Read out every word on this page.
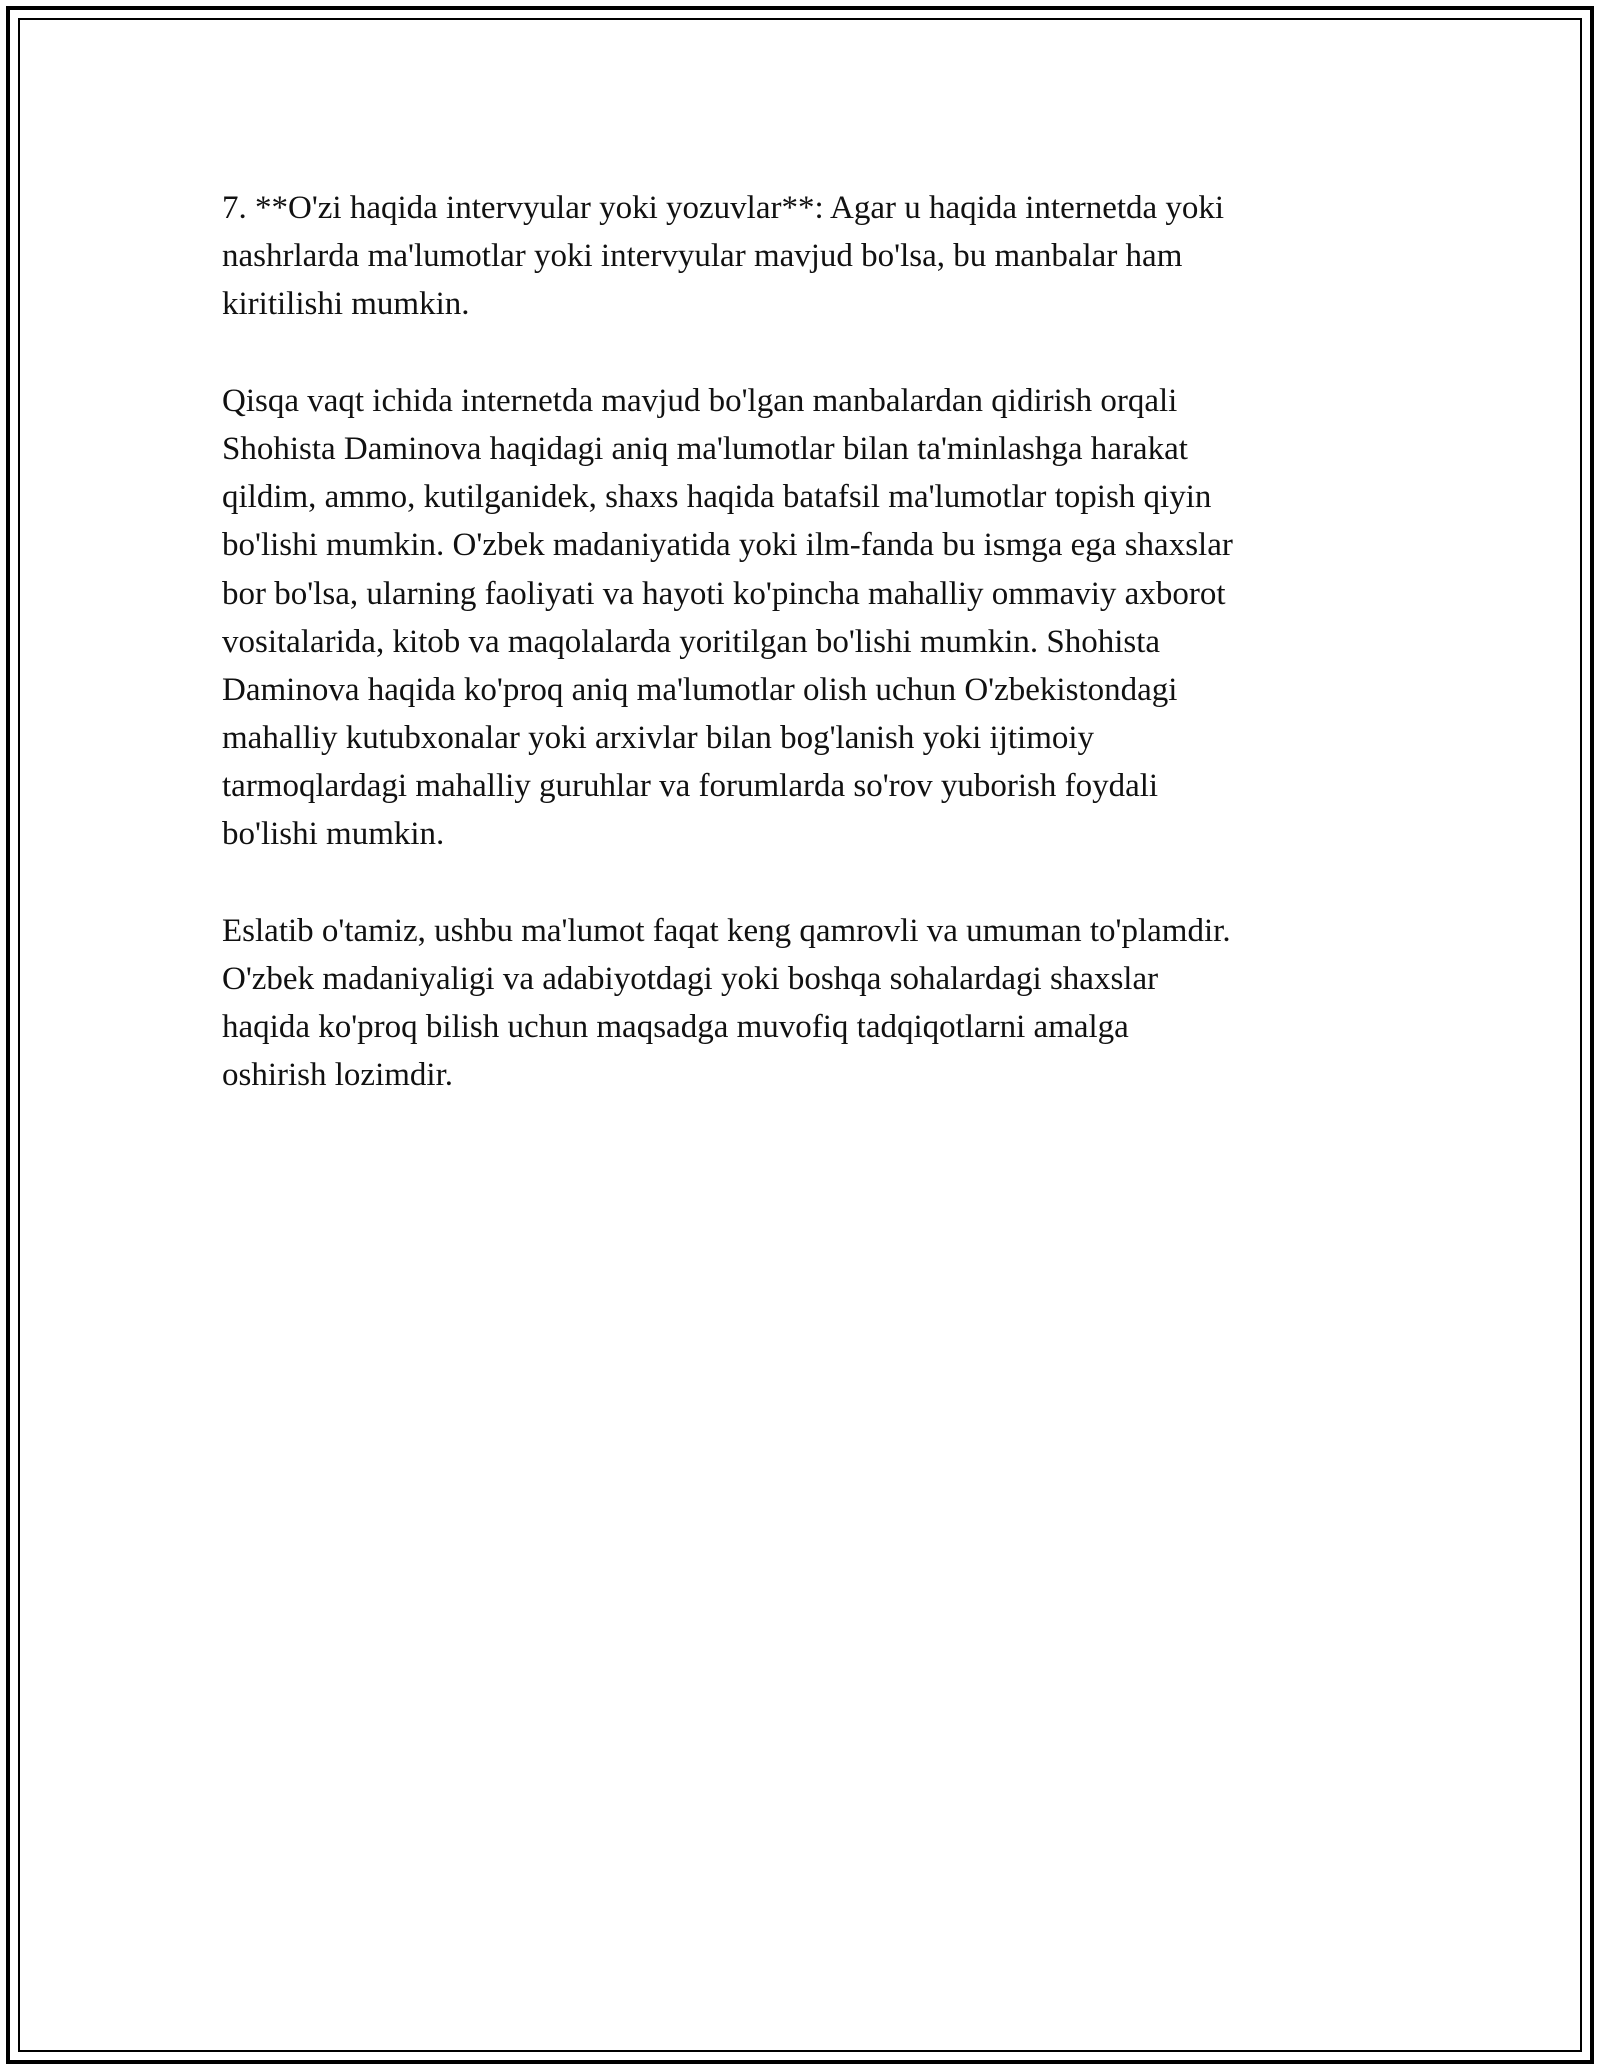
7. **O'zi haqida intervyular yoki yozuvlar**: Agar u haqida internetda yoki
nashrlarda ma'lumotlar yoki intervyular mavjud bo'lsa, bu manbalar ham
kiritilishi mumkin.

Qisqa vaqt ichida internetda mavjud bo'lgan manbalardan qidirish orqali
Shohista Daminova haqidagi aniq ma'lumotlar bilan ta'minlashga harakat
qildim, ammo, kutilganidek, shaxs haqida batafsil ma'lumotlar topish qiyin
bo'lishi mumkin. O'zbek madaniyatida yoki ilm-fanda bu ismga ega shaxslar
bor bo'lsa, ularning faoliyati va hayoti ko'pincha mahalliy ommaviy axborot
vositalarida, kitob va maqolalarda yoritilgan bo'lishi mumkin. Shohista
Daminova haqida ko'proq aniq ma'lumotlar olish uchun O'zbekistondagi
mahalliy kutubxonalar yoki arxivlar bilan bog'lanish yoki ijtimoiy
tarmoqlardagi mahalliy guruhlar va forumlarda so'rov yuborish foydali
bo'lishi mumkin.

Eslatib o'tamiz, ushbu ma'lumot faqat keng qamrovli va umuman to'plamdir.
O'zbek madaniyaligi va adabiyotdagi yoki boshqa sohalardagi shaxslar
haqida ko'proq bilish uchun maqsadga muvofiq tadqiqotlarni amalga
oshirish lozimdir.
